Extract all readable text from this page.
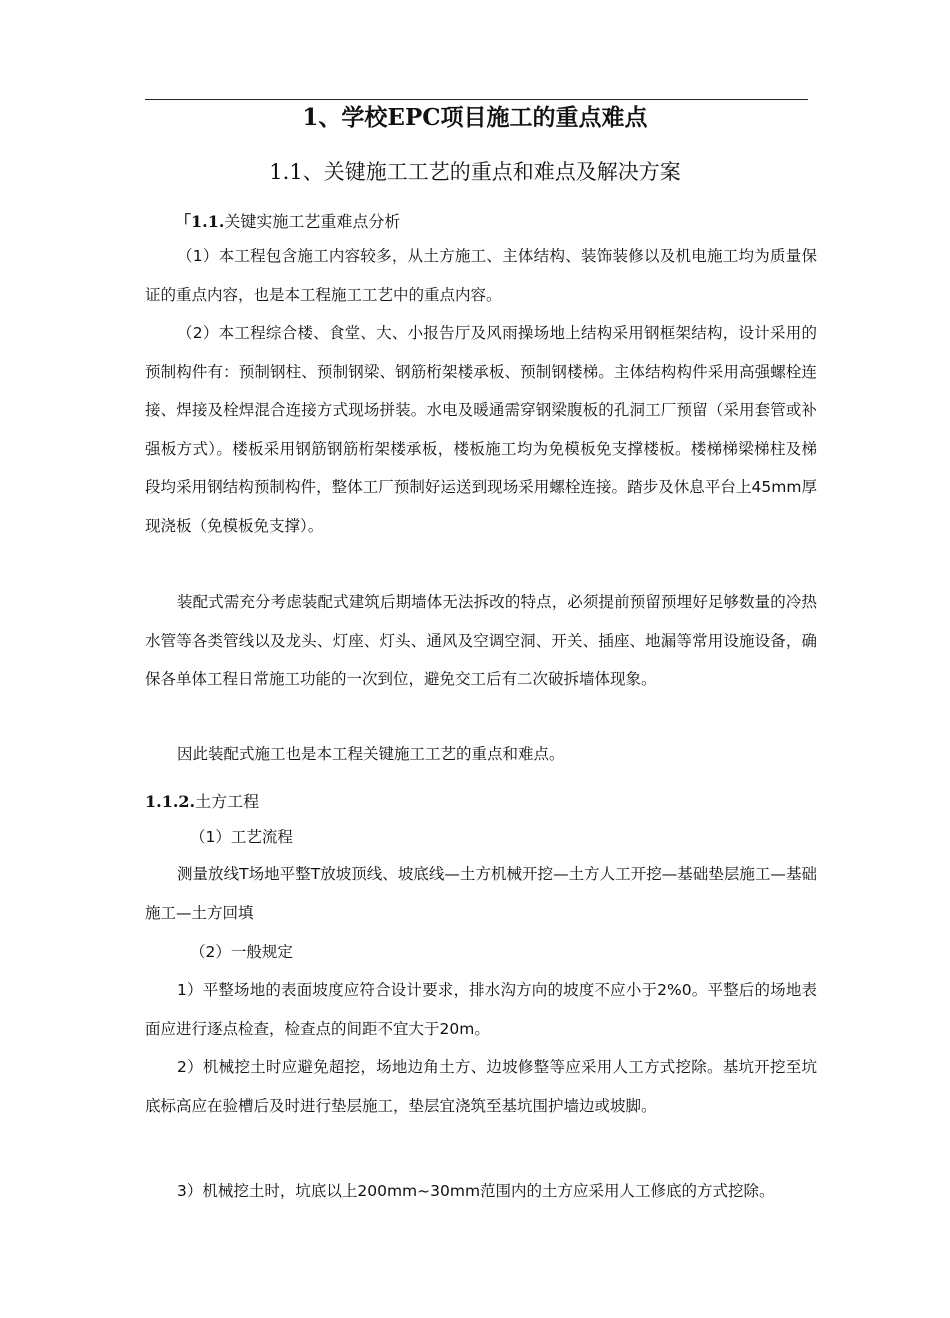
1、学校EPC项目施工的重点难点
1.1、关键施工工艺的重点和难点及解决方案
「1.1.关键实施工艺重难点分析
（1）本工程包含施工内容较多，从土方施工、主体结构、装饰装修以及机电施工均为质量保证的重点内容，也是本工程施工工艺中的重点内容。
（2）本工程综合楼、食堂、大、小报告厅及风雨操场地上结构采用钢框架结构，设计采用的预制构件有：预制钢柱、预制钢梁、钢筋桁架楼承板、预制钢楼梯。主体结构构件采用高强螺栓连接、焊接及栓焊混合连接方式现场拼装。水电及暖通需穿钢梁腹板的孔洞工厂预留（采用套管或补强板方式）。楼板采用钢筋钢筋桁架楼承板，楼板施工均为免模板免支撑楼板。楼梯梯梁梯柱及梯段均采用钢结构预制构件，整体工厂预制好运送到现场采用螺栓连接。踏步及休息平台上45mm厚现浇板（免模板免支撑）。
装配式需充分考虑装配式建筑后期墙体无法拆改的特点，必须提前预留预埋好足够数量的冷热水管等各类管线以及龙头、灯座、灯头、通风及空调空洞、开关、插座、地漏等常用设施设备，确保各单体工程日常施工功能的一次到位，避免交工后有二次破拆墙体现象。
因此装配式施工也是本工程关键施工工艺的重点和难点。
1.1.2.土方工程
（1）工艺流程
测量放线T场地平整T放坡顶线、坡底线—土方机械开挖—土方人工开挖—基础垫层施工—基础施工—土方回填
（2）一般规定
1）平整场地的表面坡度应符合设计要求，排水沟方向的坡度不应小于2%0。平整后的场地表面应进行逐点检查，检查点的间距不宜大于20m。
2）机械挖土时应避免超挖，场地边角土方、边坡修整等应采用人工方式挖除。基坑开挖至坑底标高应在验槽后及时进行垫层施工，垫层宜浇筑至基坑围护墙边或坡脚。
3）机械挖土时，坑底以上200mm~30mm范围内的土方应采用人工修底的方式挖除。
